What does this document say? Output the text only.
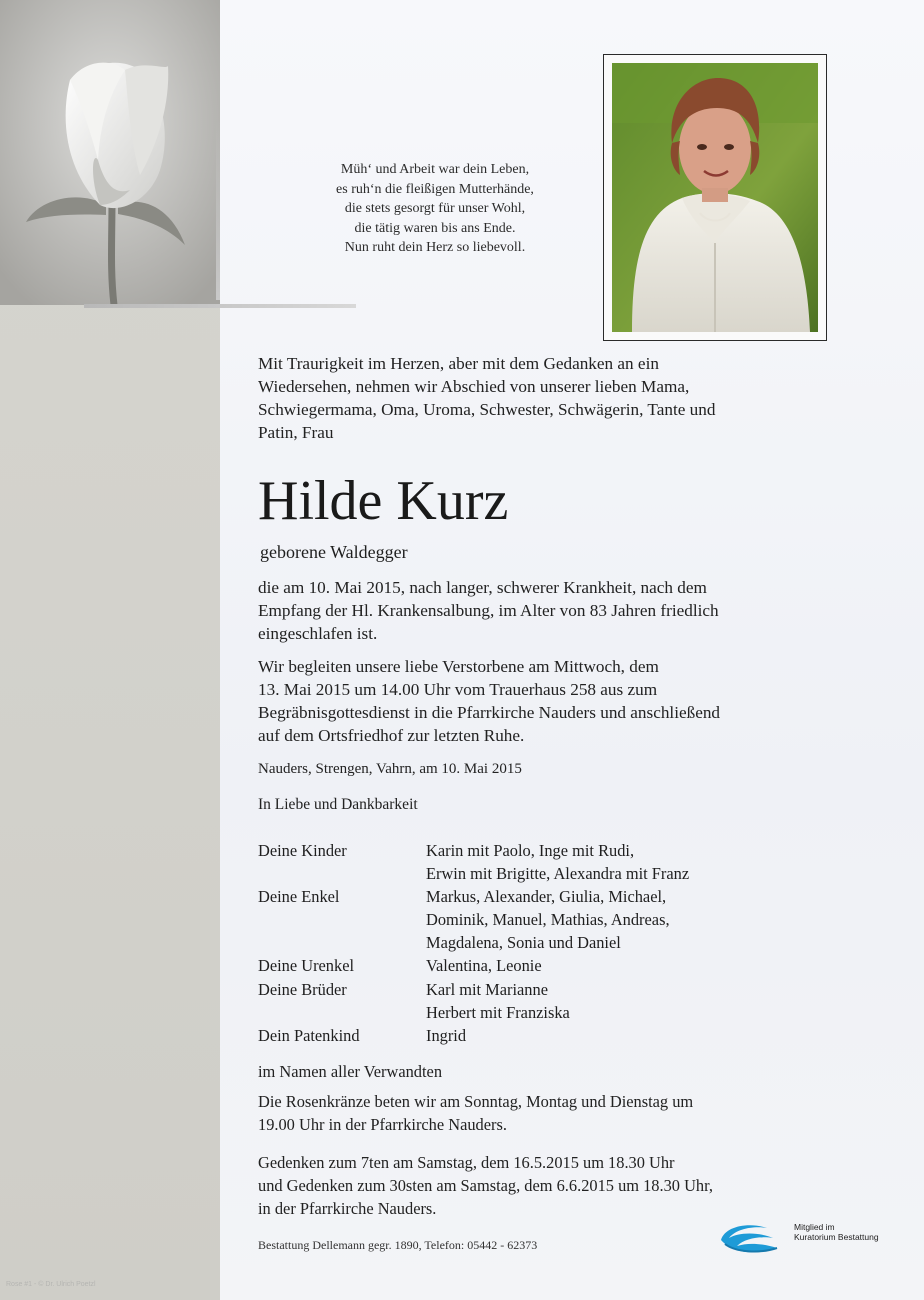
Müh‘ und Arbeit war dein Leben,
es ruh‘n die fleißigen Mutterhände,
die stets gesorgt für unser Wohl,
die tätig waren bis ans Ende.
Nun ruht dein Herz so liebevoll.
Mit Traurigkeit im Herzen, aber mit dem Gedanken an ein
Wiedersehen, nehmen wir Abschied von unserer lieben Mama,
Schwiegermama, Oma, Uroma, Schwester, Schwägerin, Tante und
Patin, Frau
Hilde Kurz
geborene Waldegger
die am 10. Mai 2015, nach langer, schwerer Krankheit, nach dem
Empfang der Hl. Krankensalbung, im Alter von 83 Jahren friedlich
eingeschlafen ist.
Wir begleiten unsere liebe Verstorbene am Mittwoch, dem
13. Mai 2015 um 14.00 Uhr vom Trauerhaus 258 aus zum
Begräbnisgottesdienst in die Pfarrkirche Nauders und anschließend
auf dem Ortsfriedhof zur letzten Ruhe.
Nauders, Strengen, Vahrn, am 10. Mai 2015
In Liebe und Dankbarkeit
Deine Kinder	Karin mit Paolo, Inge mit Rudi,
Erwin mit Brigitte, Alexandra mit Franz
Deine Enkel	Markus, Alexander, Giulia, Michael,
Dominik, Manuel, Mathias, Andreas,
Magdalena, Sonia und Daniel
Deine Urenkel	Valentina, Leonie
Deine Brüder	Karl mit Marianne
Herbert mit Franziska
Dein Patenkind	Ingrid
im Namen aller Verwandten
Die Rosenkränze beten wir am Sonntag, Montag und Dienstag um
19.00 Uhr in der Pfarrkirche Nauders.
Gedenken zum 7ten am Samstag, dem 16.5.2015 um 18.30 Uhr
und Gedenken zum 30sten am Samstag, dem 6.6.2015 um 18.30 Uhr,
in der Pfarrkirche Nauders.
Bestattung Dellemann gegr. 1890, Telefon: 05442 - 62373
Mitglied im
Kuratorium Bestattung
Rose #1 - © Dr. Ulrich Poetzl
